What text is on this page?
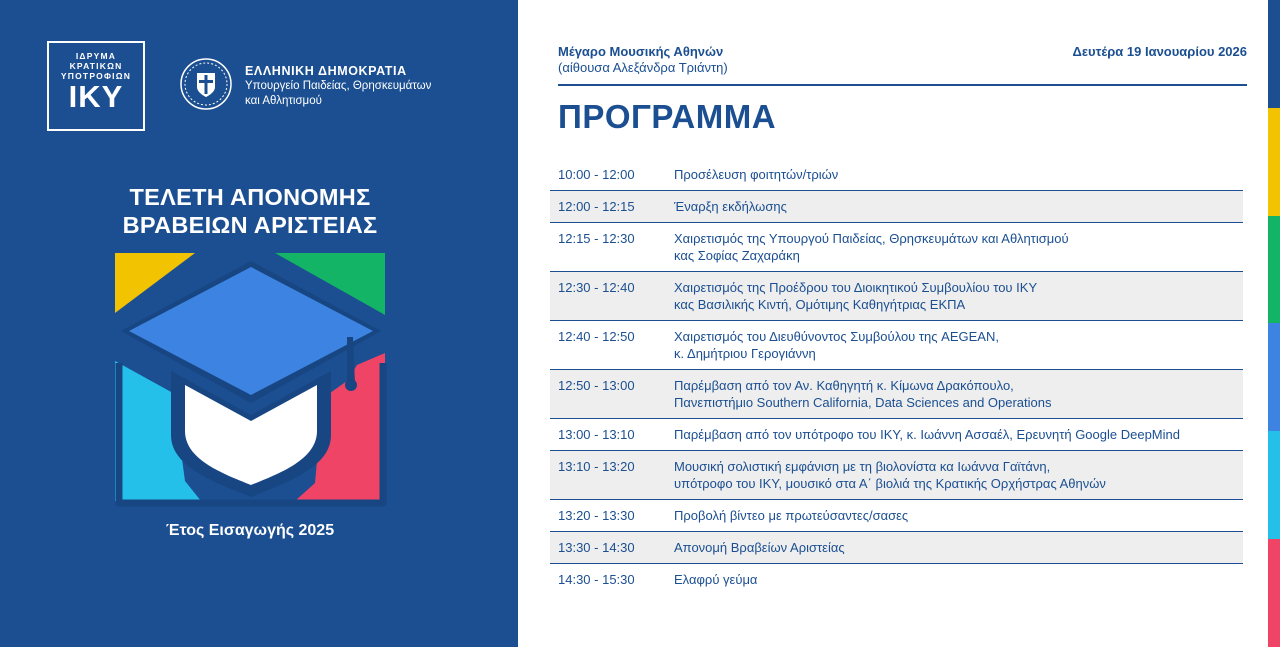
ΙΔΡΥΜΑ
ΚΡΑΤΙΚΩΝ
ΥΠΟΤΡΟΦΙΩΝ
ΙΚΥ
ΕΛΛΗΝΙΚΗ ΔΗΜΟΚΡΑΤΙΑ
Υπουργείο Παιδείας, Θρησκευμάτων
και Αθλητισμού
ΤΕΛΕΤΗ ΑΠΟΝΟΜΗΣ
ΒΡΑΒΕΙΩΝ ΑΡΙΣΤΕΙΑΣ
Έτος Εισαγωγής 2025
Μέγαρο Μουσικής Αθηνών
(αίθουσα Αλεξάνδρα Τριάντη)
Δευτέρα 19 Ιανουαρίου 2026
ΠΡΟΓΡΑΜΜΑ
10:00 - 12:00	Προσέλευση φοιτητών/τριών
12:00 - 12:15	Έναρξη εκδήλωσης
12:15 - 12:30	Χαιρετισμός της Υπουργού Παιδείας, Θρησκευμάτων και Αθλητισμού
κας Σοφίας Ζαχαράκη
12:30 - 12:40	Χαιρετισμός της Προέδρου του Διοικητικού Συμβουλίου του ΙΚΥ
κας Βασιλικής Κιντή, Ομότιμης Καθηγήτριας ΕΚΠΑ
12:40 - 12:50	Χαιρετισμός του Διευθύνοντος Συμβούλου της AEGEAN,
κ. Δημήτριου Γερογιάννη
12:50 - 13:00	Παρέμβαση από τον Αν. Καθηγητή κ. Κίμωνα Δρακόπουλο,
Πανεπιστήμιο Southern California, Data Sciences and Operations
13:00 - 13:10	Παρέμβαση από τον υπότροφο του ΙΚΥ, κ. Ιωάννη Ασσαέλ, Ερευνητή Google DeepMind
13:10 - 13:20	Μουσική σολιστική εμφάνιση με τη βιολονίστα κα Ιωάννα Γαϊτάνη,
υπότροφο του ΙΚΥ, μουσικό στα Α΄ βιολιά της Κρατικής Ορχήστρας Αθηνών
13:20 - 13:30	Προβολή βίντεο με πρωτεύσαντες/σασες
13:30 - 14:30	Απονομή Βραβείων Αριστείας
14:30 - 15:30	Ελαφρύ γεύμα
